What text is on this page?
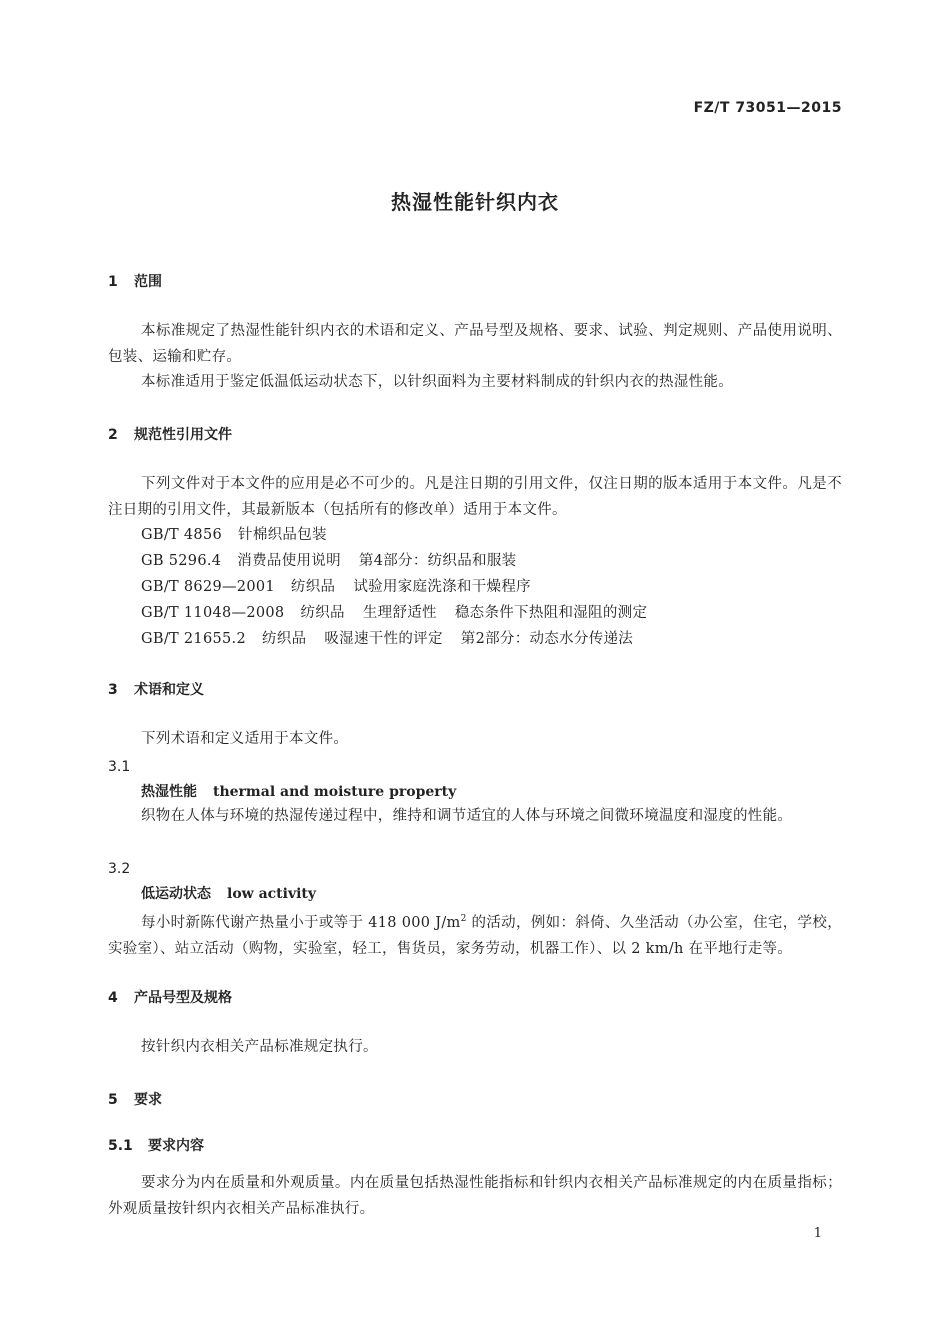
FZ/T 73051—2015
热湿性能针织内衣
1 范围

本标准规定了热湿性能针织内衣的术语和定义、产品号型及规格、要求、试验、判定规则、产品使用说明、包装、运输和贮存。

本标准适用于鉴定低温低运动状态下，以针织面料为主要材料制成的针织内衣的热湿性能。

2 规范性引用文件

下列文件对于本文件的应用是必不可少的。凡是注日期的引用文件，仅注日期的版本适用于本文件。凡是不注日期的引用文件，其最新版本（包括所有的修改单）适用于本文件。

GB/T 4856 针棉织品包装
GB 5296.4 消费品使用说明 第4部分：纺织品和服装
GB/T 8629—2001 纺织品 试验用家庭洗涤和干燥程序
GB/T 11048—2008 纺织品 生理舒适性 稳态条件下热阻和湿阻的测定
GB/T 21655.2 纺织品 吸湿速干性的评定 第2部分：动态水分传递法
3 术语和定义

下列术语和定义适用于本文件。

3.1
热湿性能 thermal and moisture property

织物在人体与环境的热湿传递过程中，维持和调节适宜的人体与环境之间微环境温度和湿度的性能。

3.2
低运动状态 low activity

每小时新陈代谢产热量小于或等于 418 000 $J/m^2$ 的活动，例如：斜倚、久坐活动（办公室，住宅，学校，实验室）、站立活动（购物，实验室，轻工，售货员，家务劳动，机器工作）、以 2 km/h 在平地行走等。

4 产品号型及规格

按针织内衣相关产品标准规定执行。

5 要求
5.1 要求内容

要求分为内在质量和外观质量。内在质量包括热湿性能指标和针织内衣相关产品标准规定的内在质量指标；外观质量按针织内衣相关产品标准执行。

1
